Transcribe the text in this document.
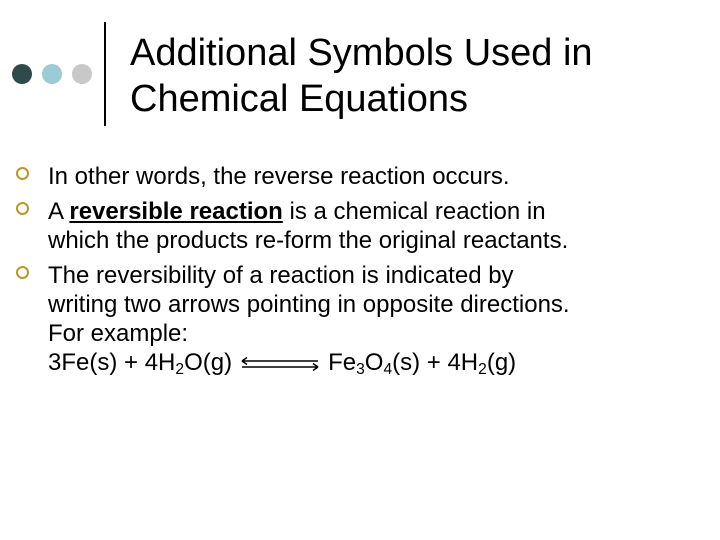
Additional Symbols Used in
Chemical Equations
In other words, the reverse reaction occurs.
A reversible reaction is a chemical reaction in
which the products re-form the original reactants.
The reversibility of a reaction is indicated by
writing two arrows pointing in opposite directions.
For example:
$3Fe(s) + 4H_2O(g)$ ⇌ $Fe_3O_4(s) + 4H_2(g)$
